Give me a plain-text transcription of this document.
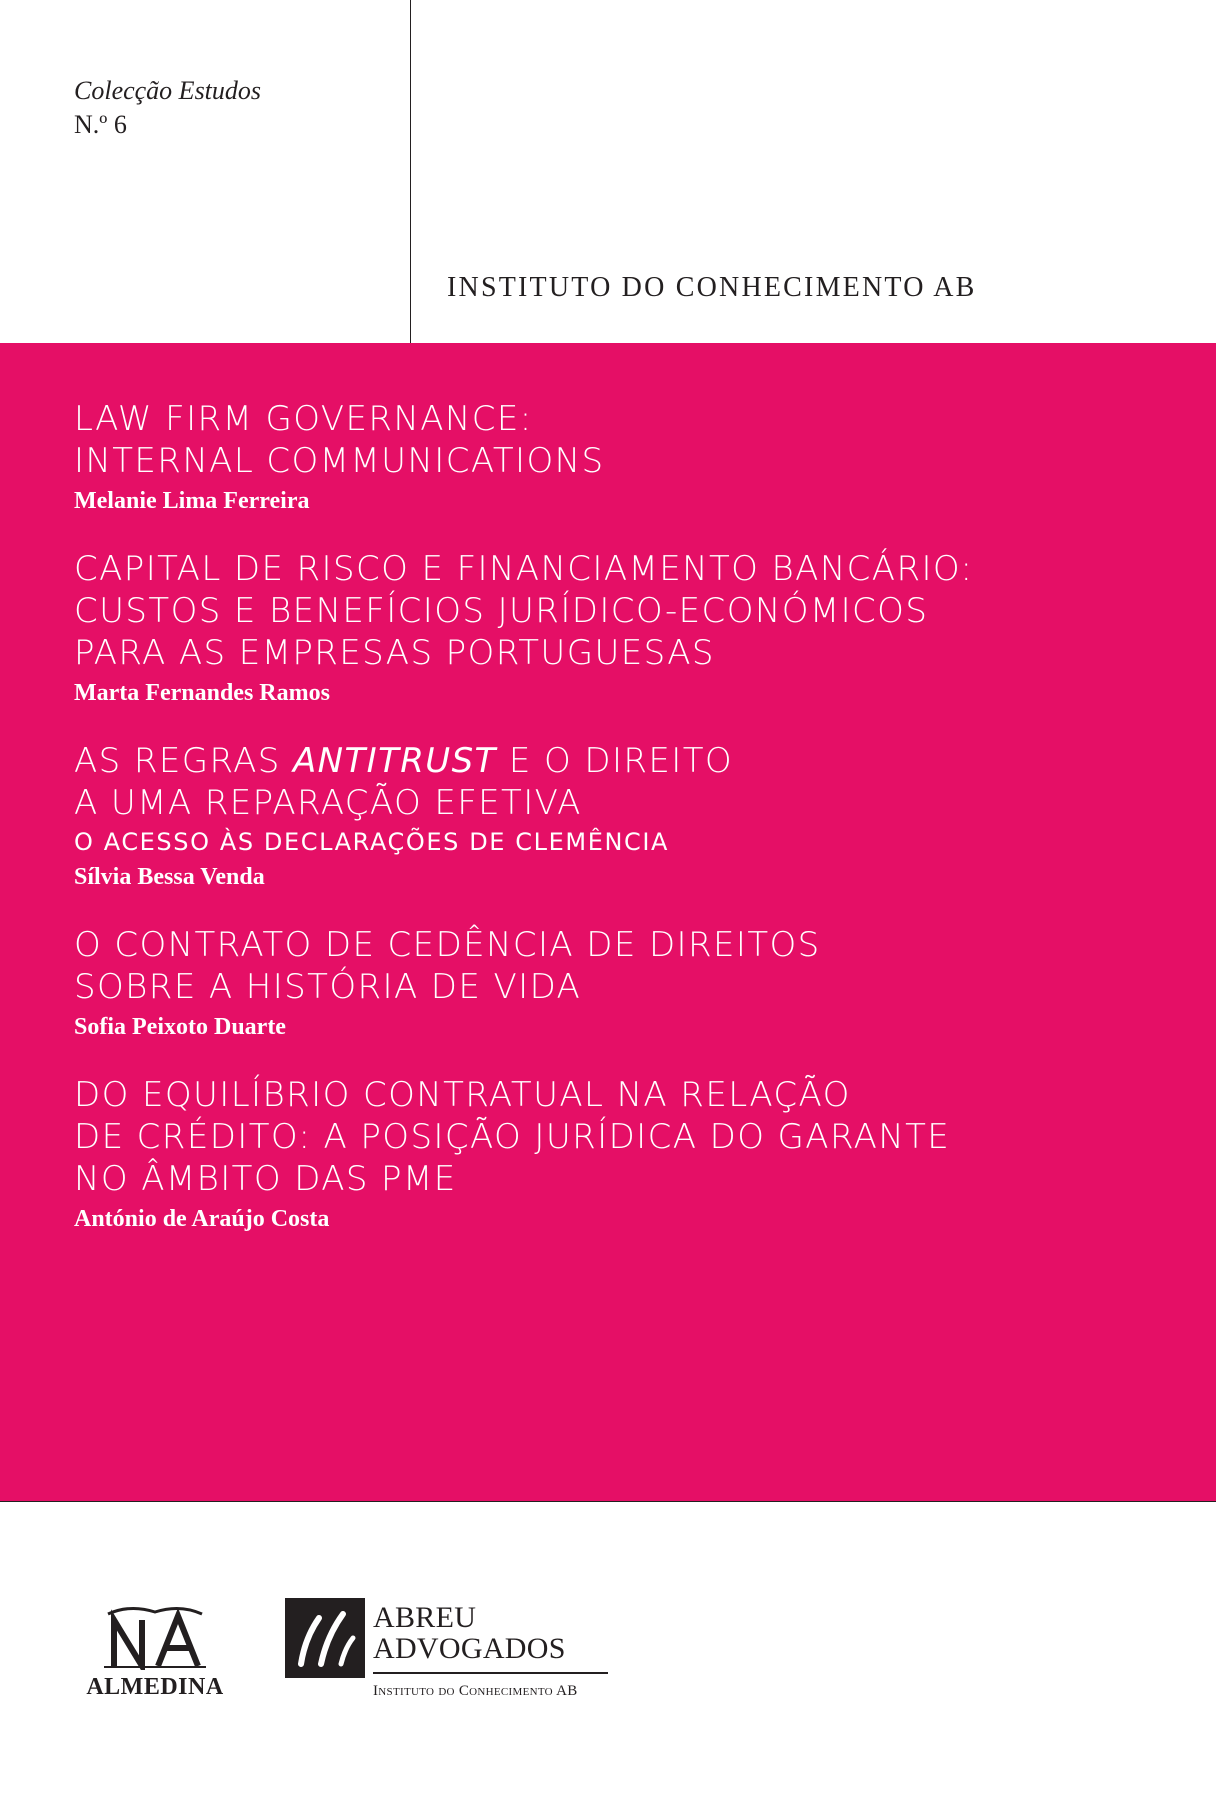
Colecção Estudos
N.º 6
INSTITUTO DO CONHECIMENTO AB

LAW FIRM GOVERNANCE:

INTERNAL COMMUNICATIONS

Melanie Lima Ferreira

CAPITAL DE RISCO E FINANCIAMENTO BANCÁRIO:

CUSTOS E BENEFÍCIOS JURÍDICO-ECONÓMICOS

PARA AS EMPRESAS PORTUGUESAS

Marta Fernandes Ramos

AS REGRAS ANTITRUST E O DIREITO

A UMA REPARAÇÃO EFETIVA

O ACESSO ÀS DECLARAÇÕES DE CLEMÊNCIA
Sílvia Bessa Venda

O CONTRATO DE CEDÊNCIA DE DIREITOS

SOBRE A HISTÓRIA DE VIDA

Sofia Peixoto Duarte

DO EQUILÍBRIO CONTRATUAL NA RELAÇÃO

DE CRÉDITO: A POSIÇÃO JURÍDICA DO GARANTE

NO ÂMBITO DAS PME

António de Araújo Costa
ALMEDINA
ABREU
ADVOGADOS
Instituto do Conhecimento AB
